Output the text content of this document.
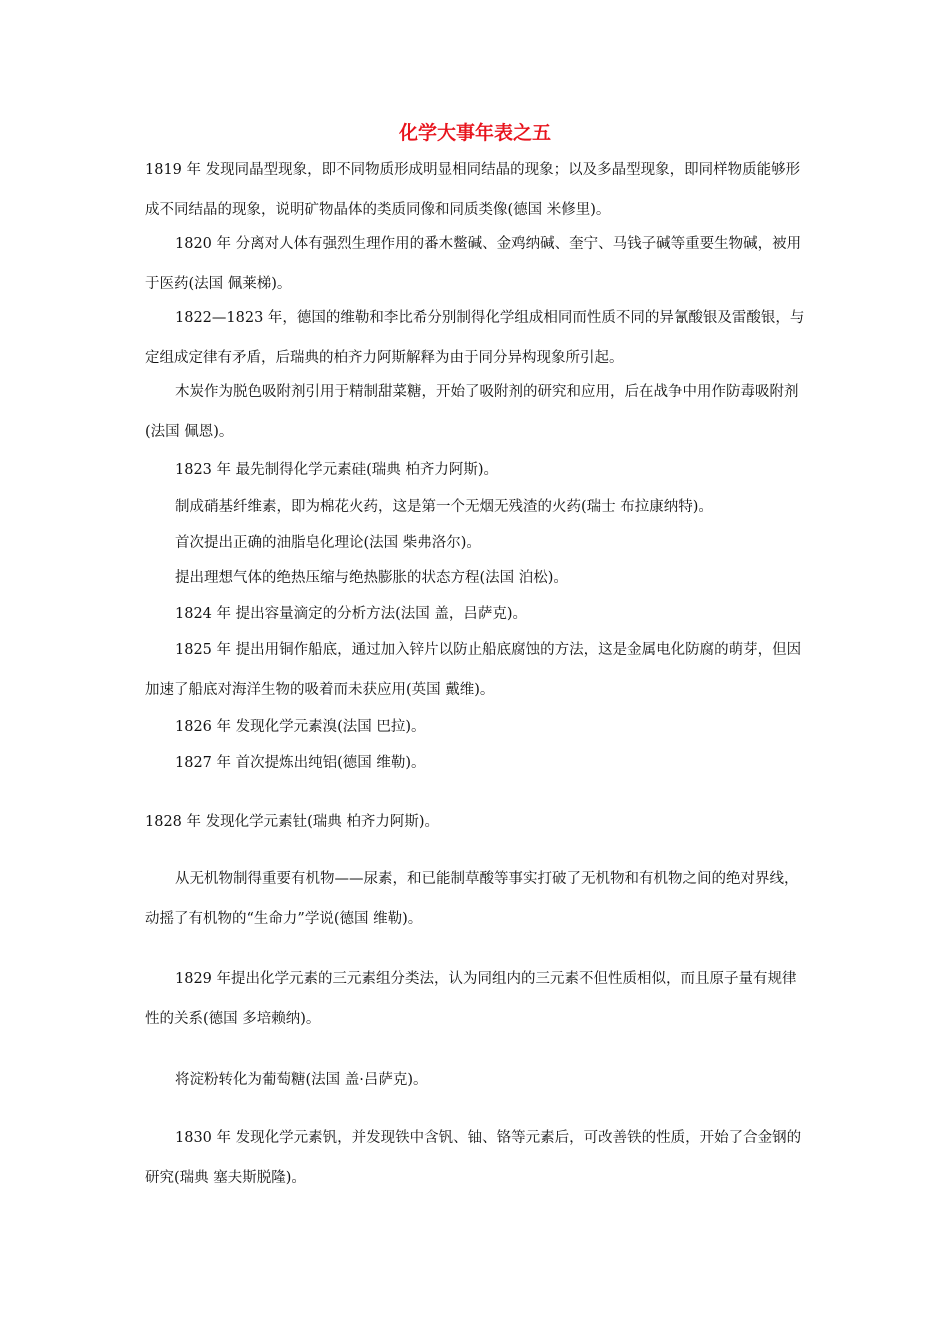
化学大事年表之五

1819 年 发现同晶型现象，即不同物质形成明显相同结晶的现象；以及多晶型现象，即同样物质能够形成不同结晶的现象，说明矿物晶体的类质同像和同质类像(德国 米修里)。

1820 年 分离对人体有强烈生理作用的番木鳖碱、金鸡纳碱、奎宁、马钱子碱等重要生物碱，被用于医药(法国 佩莱梯)。

1822—1823 年，德国的维勒和李比希分别制得化学组成相同而性质不同的异氰酸银及雷酸银，与定组成定律有矛盾，后瑞典的柏齐力阿斯解释为由于同分异构现象所引起。

木炭作为脱色吸附剂引用于精制甜菜糖，开始了吸附剂的研究和应用，后在战争中用作防毒吸附剂(法国 佩恩)。

1823 年 最先制得化学元素硅(瑞典 柏齐力阿斯)。

制成硝基纤维素，即为棉花火药，这是第一个无烟无残渣的火药(瑞士 布拉康纳特)。

首次提出正确的油脂皂化理论(法国 柴弗洛尔)。

提出理想气体的绝热压缩与绝热膨胀的状态方程(法国 泊松)。

1824 年 提出容量滴定的分析方法(法国 盖，吕萨克)。

1825 年 提出用铜作船底，通过加入锌片以防止船底腐蚀的方法，这是金属电化防腐的萌芽，但因加速了船底对海洋生物的吸着而未获应用(英国 戴维)。

1826 年 发现化学元素溴(法国 巴拉)。

1827 年 首次提炼出纯铝(德国 维勒)。

1828 年 发现化学元素钍(瑞典 柏齐力阿斯)。

从无机物制得重要有机物——尿素，和已能制草酸等事实打破了无机物和有机物之间的绝对界线，动摇了有机物的“生命力”学说(德国 维勒)。

1829 年提出化学元素的三元素组分类法，认为同组内的三元素不但性质相似，而且原子量有规律性的关系(德国 多培赖纳)。

将淀粉转化为葡萄糖(法国 盖·吕萨克)。

1830 年 发现化学元素钒，并发现铁中含钒、铀、铬等元素后，可改善铁的性质，开始了合金钢的研究(瑞典 塞夫斯脱隆)。
